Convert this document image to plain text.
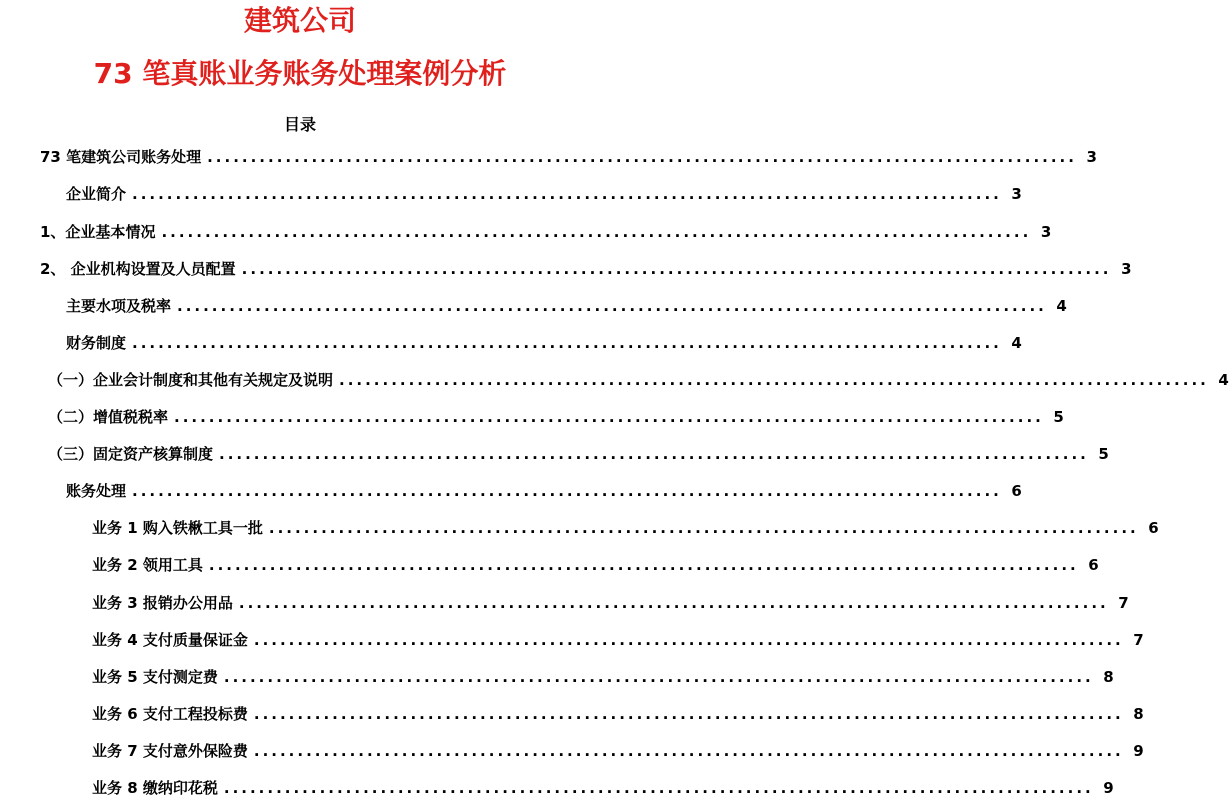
建筑公司
73 笔真账业务账务处理案例分析
目录
73 笔建筑公司账务处理 .................................................................................................... 3
企业简介 .................................................................................................... 3
1、企业基本情况 .................................................................................................... 3
2、 企业机构设置及人员配置 .................................................................................................... 3
主要水项及税率 .................................................................................................... 4
财务制度 .................................................................................................... 4
（一）企业会计制度和其他有关规定及说明 .................................................................................................... 4
（二）增值税税率 .................................................................................................... 5
（三）固定资产核算制度 .................................................................................................... 5
账务处理 .................................................................................................... 6
业务 1 购入铁楸工具一批 .................................................................................................... 6
业务 2 领用工具 .................................................................................................... 6
业务 3 报销办公用品 .................................................................................................... 7
业务 4 支付质量保证金 .................................................................................................... 7
业务 5 支付测定费 .................................................................................................... 8
业务 6 支付工程投标费 .................................................................................................... 8
业务 7 支付意外保险费 .................................................................................................... 9
业务 8 缴纳印花税 .................................................................................................... 9
